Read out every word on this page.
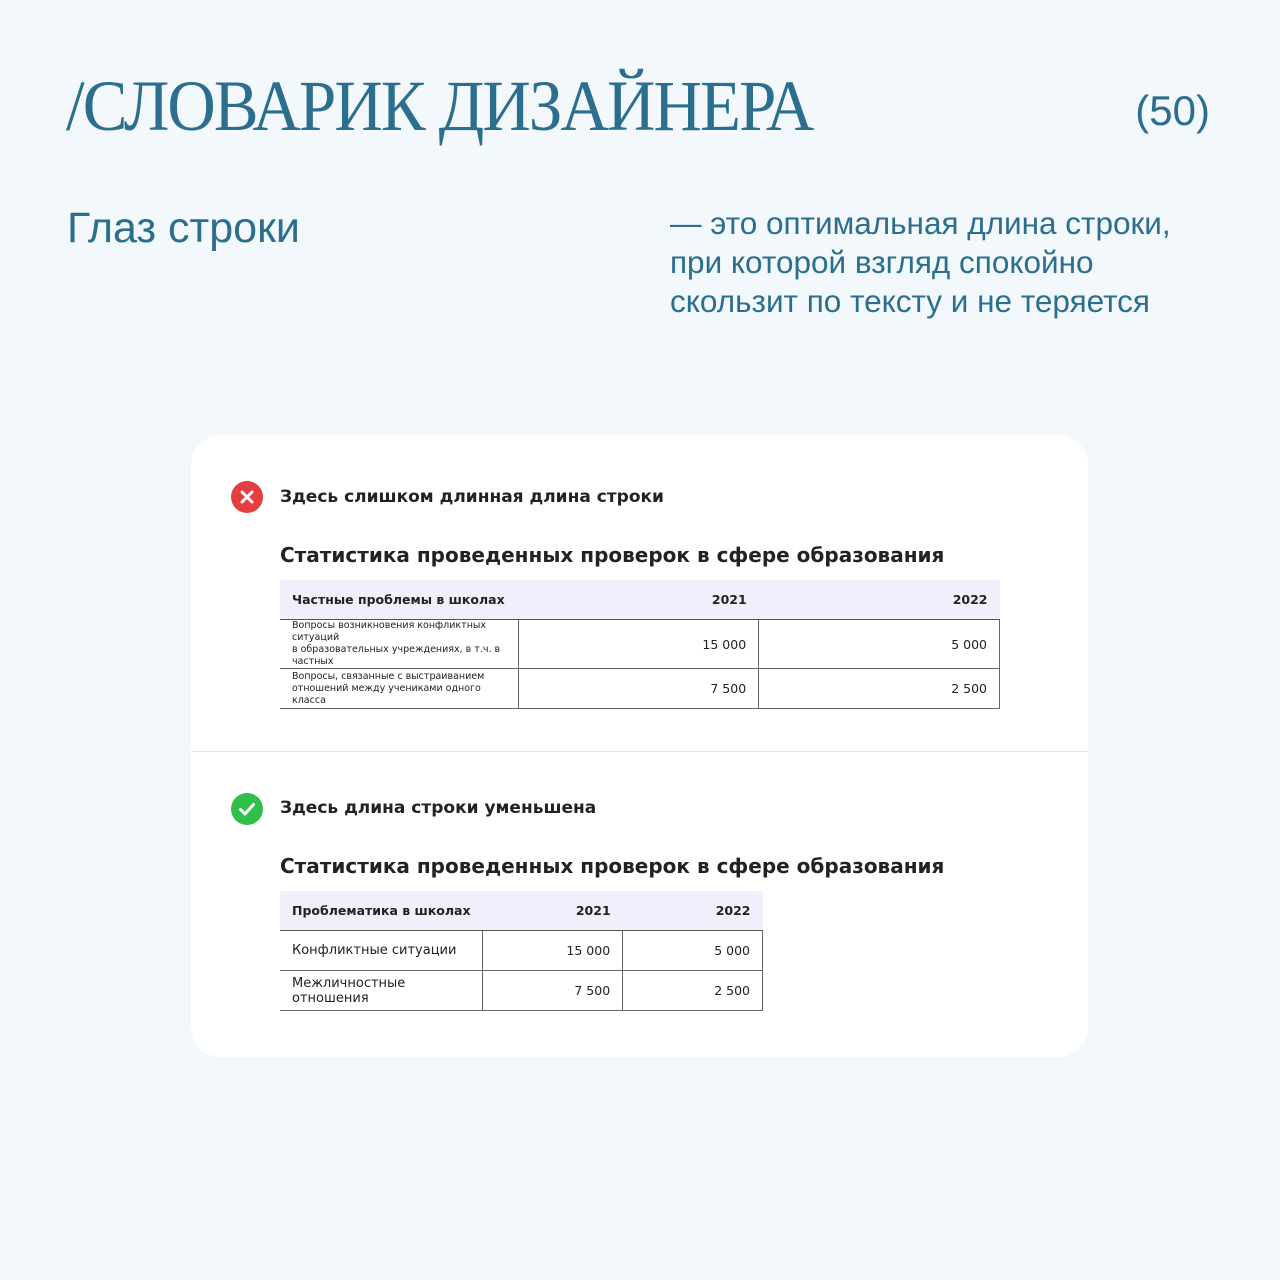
/СЛОВАРИК ДИЗАЙНЕРА	(50)
Глаз строки	— это оптимальная длина строки,
при которой взгляд спокойно
скользит по тексту и не теряется
Здесь слишком длинная длина строки
Статистика проведенных проверок в сфере образования
Частные проблемы в школах	2021	2022

Вопросы возникновения конфликтных ситуаций
в образовательных учреждениях, в т.ч. в частных	15 000	5 000

Вопросы, связанные с выстраиванием
отношений между учениками одного класса	7 500	2 500
Здесь длина строки уменьшена
Статистика проведенных проверок в сфере образования
Проблематика в школах	2021	2022
Конфликтные ситуации	15 000	5 000
Межличностные отношения	7 500	2 500
